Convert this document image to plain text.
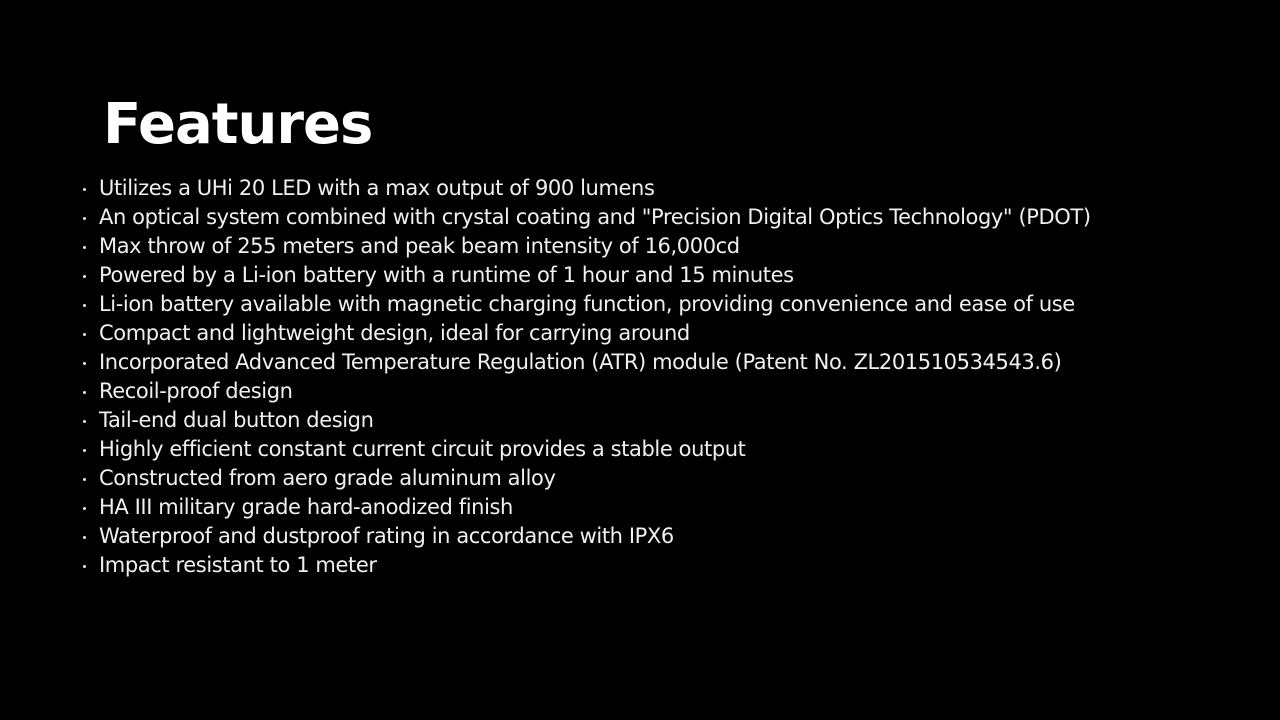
Features
Utilizes a UHi 20 LED with a max output of 900 lumens
An optical system combined with crystal coating and "Precision Digital Optics Technology" (PDOT)
Max throw of 255 meters and peak beam intensity of 16,000cd
Powered by a Li-ion battery with a runtime of 1 hour and 15 minutes
Li-ion battery available with magnetic charging function, providing convenience and ease of use
Compact and lightweight design, ideal for carrying around
Incorporated Advanced Temperature Regulation (ATR) module (Patent No. ZL201510534543.6)
Recoil-proof design
Tail-end dual button design
Highly efficient constant current circuit provides a stable output
Constructed from aero grade aluminum alloy
HA III military grade hard-anodized finish
Waterproof and dustproof rating in accordance with IPX6
Impact resistant to 1 meter
